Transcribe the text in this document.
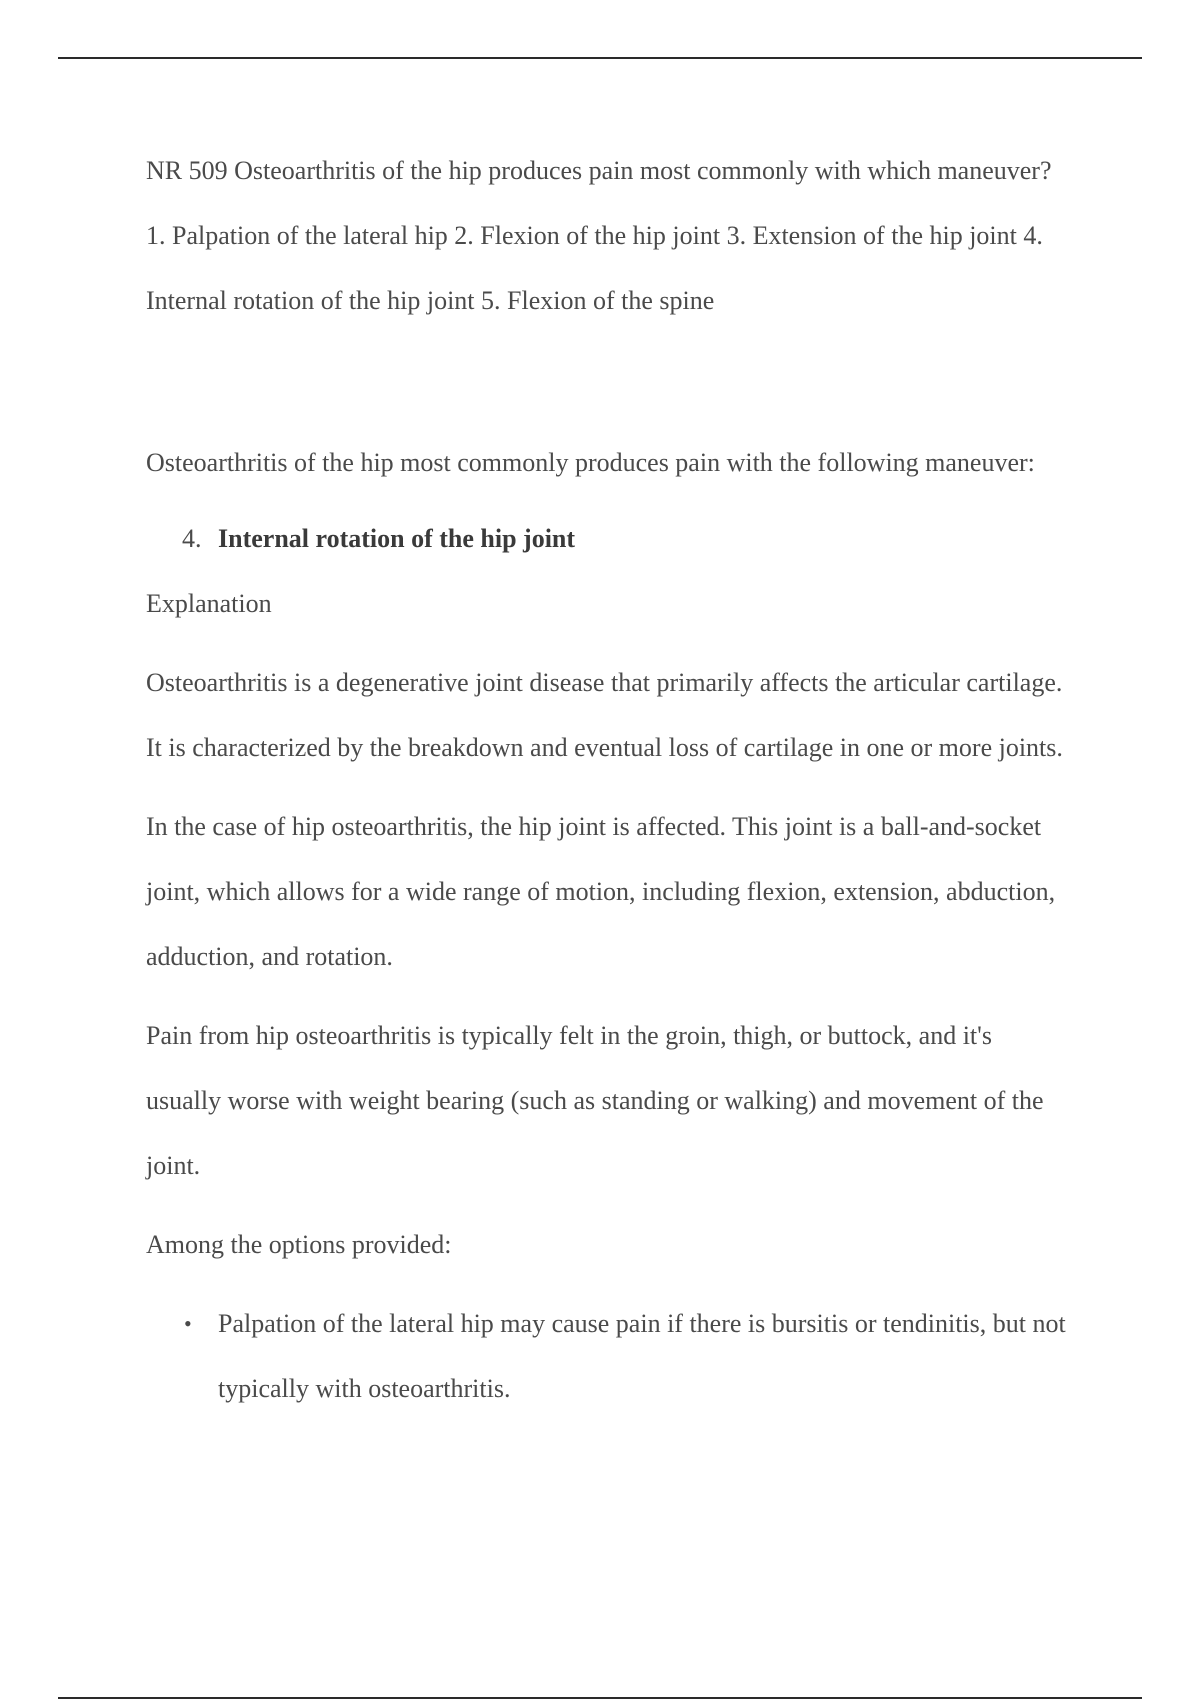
NR 509 Osteoarthritis of the hip produces pain most commonly with which maneuver? 1. Palpation of the lateral hip 2. Flexion of the hip joint 3. Extension of the hip joint 4. Internal rotation of the hip joint 5. Flexion of the spine

Osteoarthritis of the hip most commonly produces pain with the following maneuver:

4. Internal rotation of the hip joint

Explanation

Osteoarthritis is a degenerative joint disease that primarily affects the articular cartilage. It is characterized by the breakdown and eventual loss of cartilage in one or more joints.

In the case of hip osteoarthritis, the hip joint is affected. This joint is a ball-and-socket joint, which allows for a wide range of motion, including flexion, extension, abduction, adduction, and rotation.

Pain from hip osteoarthritis is typically felt in the groin, thigh, or buttock, and it's usually worse with weight bearing (such as standing or walking) and movement of the joint.

Among the options provided:

• Palpation of the lateral hip may cause pain if there is bursitis or tendinitis, but not typically with osteoarthritis.
